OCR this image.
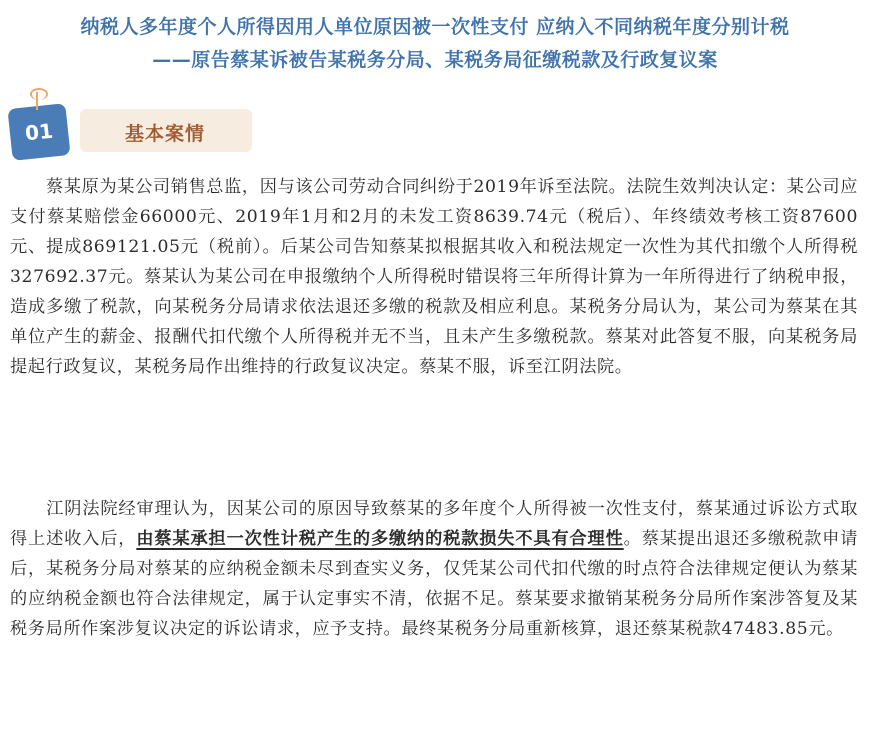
纳税人多年度个人所得因用人单位原因被一次性支付 应纳入不同纳税年度分别计税
——原告蔡某诉被告某税务分局、某税务局征缴税款及行政复议案
基本案情
01
蔡某原为某公司销售总监，因与该公司劳动合同纠纷于2019年诉至法院。法院生效判决认定：某公司应支付蔡某赔偿金66000元、2019年1月和2月的未发工资8639.74元（税后）、年终绩效考核工资87600元、提成869121.05元（税前）。后某公司告知蔡某拟根据其收入和税法规定一次性为其代扣缴个人所得税327692.37元。蔡某认为某公司在申报缴纳个人所得税时错误将三年所得计算为一年所得进行了纳税申报，造成多缴了税款，向某税务分局请求依法退还多缴的税款及相应利息。某税务分局认为，某公司为蔡某在其单位产生的薪金、报酬代扣代缴个人所得税并无不当，且未产生多缴税款。蔡某对此答复不服，向某税务局提起行政复议，某税务局作出维持的行政复议决定。蔡某不服，诉至江阴法院。
江阴法院经审理认为，因某公司的原因导致蔡某的多年度个人所得被一次性支付，蔡某通过诉讼方式取得上述收入后，由蔡某承担一次性计税产生的多缴纳的税款损失不具有合理性。蔡某提出退还多缴税款申请后，某税务分局对蔡某的应纳税金额未尽到查实义务，仅凭某公司代扣代缴的时点符合法律规定便认为蔡某的应纳税金额也符合法律规定，属于认定事实不清，依据不足。蔡某要求撤销某税务分局所作案涉答复及某税务局所作案涉复议决定的诉讼请求，应予支持。最终某税务分局重新核算，退还蔡某税款47483.85元。
